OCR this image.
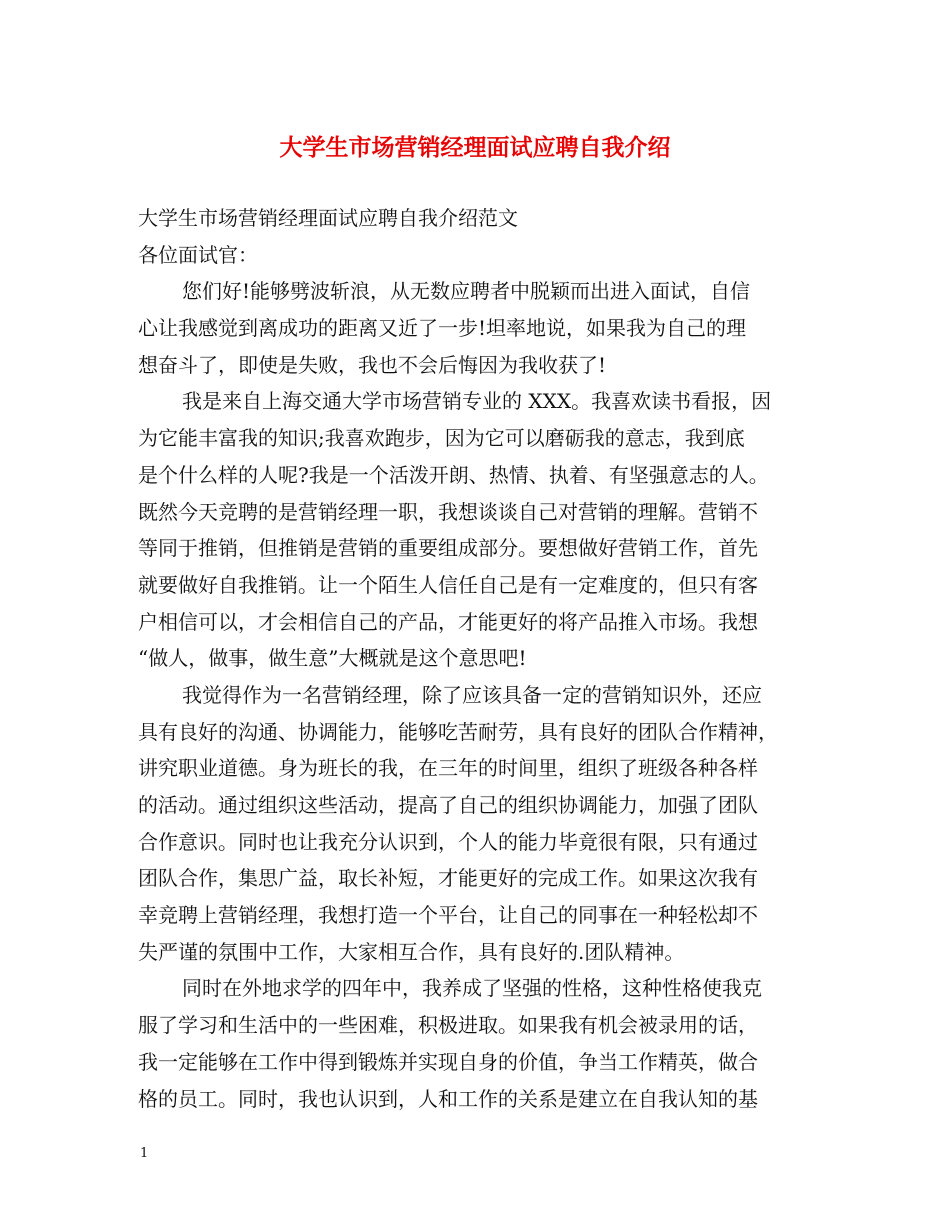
大学生市场营销经理面试应聘自我介绍
大学生市场营销经理面试应聘自我介绍范文
各位面试官：
您们好!能够劈波斩浪，从无数应聘者中脱颖而出进入面试，自信
心让我感觉到离成功的距离又近了一步!坦率地说，如果我为自己的理
想奋斗了，即使是失败，我也不会后悔因为我收获了!
我是来自上海交通大学市场营销专业的 XXX。我喜欢读书看报，因
为它能丰富我的知识;我喜欢跑步，因为它可以磨砺我的意志，我到底
是个什么样的人呢?我是一个活泼开朗、热情、执着、有坚强意志的人。
既然今天竞聘的是营销经理一职，我想谈谈自己对营销的理解。营销不
等同于推销，但推销是营销的重要组成部分。要想做好营销工作，首先
就要做好自我推销。让一个陌生人信任自己是有一定难度的，但只有客
户相信可以，才会相信自己的产品，才能更好的将产品推入市场。我想
“做人，做事，做生意”大概就是这个意思吧!
我觉得作为一名营销经理，除了应该具备一定的营销知识外，还应
具有良好的沟通、协调能力，能够吃苦耐劳，具有良好的团队合作精神，
讲究职业道德。身为班长的我，在三年的时间里，组织了班级各种各样
的活动。通过组织这些活动，提高了自己的组织协调能力，加强了团队
合作意识。同时也让我充分认识到，个人的能力毕竟很有限，只有通过
团队合作，集思广益，取长补短，才能更好的完成工作。如果这次我有
幸竞聘上营销经理，我想打造一个平台，让自己的同事在一种轻松却不
失严谨的氛围中工作，大家相互合作，具有良好的.团队精神。
同时在外地求学的四年中，我养成了坚强的性格，这种性格使我克
服了学习和生活中的一些困难，积极进取。如果我有机会被录用的话，
我一定能够在工作中得到锻炼并实现自身的价值，争当工作精英，做合
格的员工。同时，我也认识到，人和工作的关系是建立在自我认知的基
1
